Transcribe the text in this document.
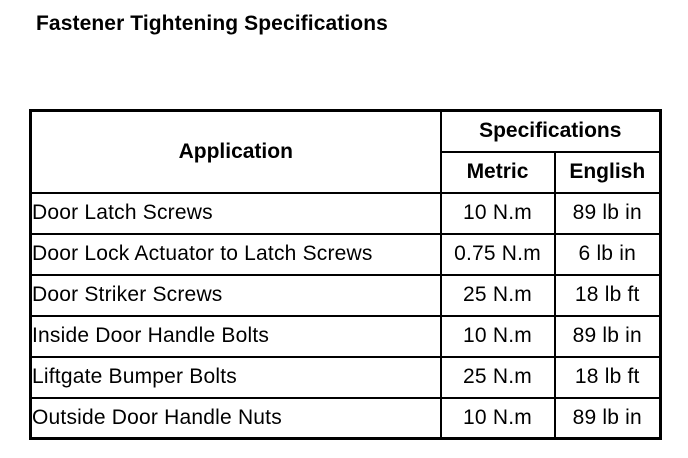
Fastener Tightening Specifications
Application	Specifications	
	Metric	English
Door Latch Screws	10 N.m	89 lb in
Door Lock Actuator to Latch Screws	0.75 N.m	6 lb in
Door Striker Screws	25 N.m	18 lb ft
Inside Door Handle Bolts	10 N.m	89 lb in
Liftgate Bumper Bolts	25 N.m	18 lb ft
Outside Door Handle Nuts	10 N.m	89 lb in
